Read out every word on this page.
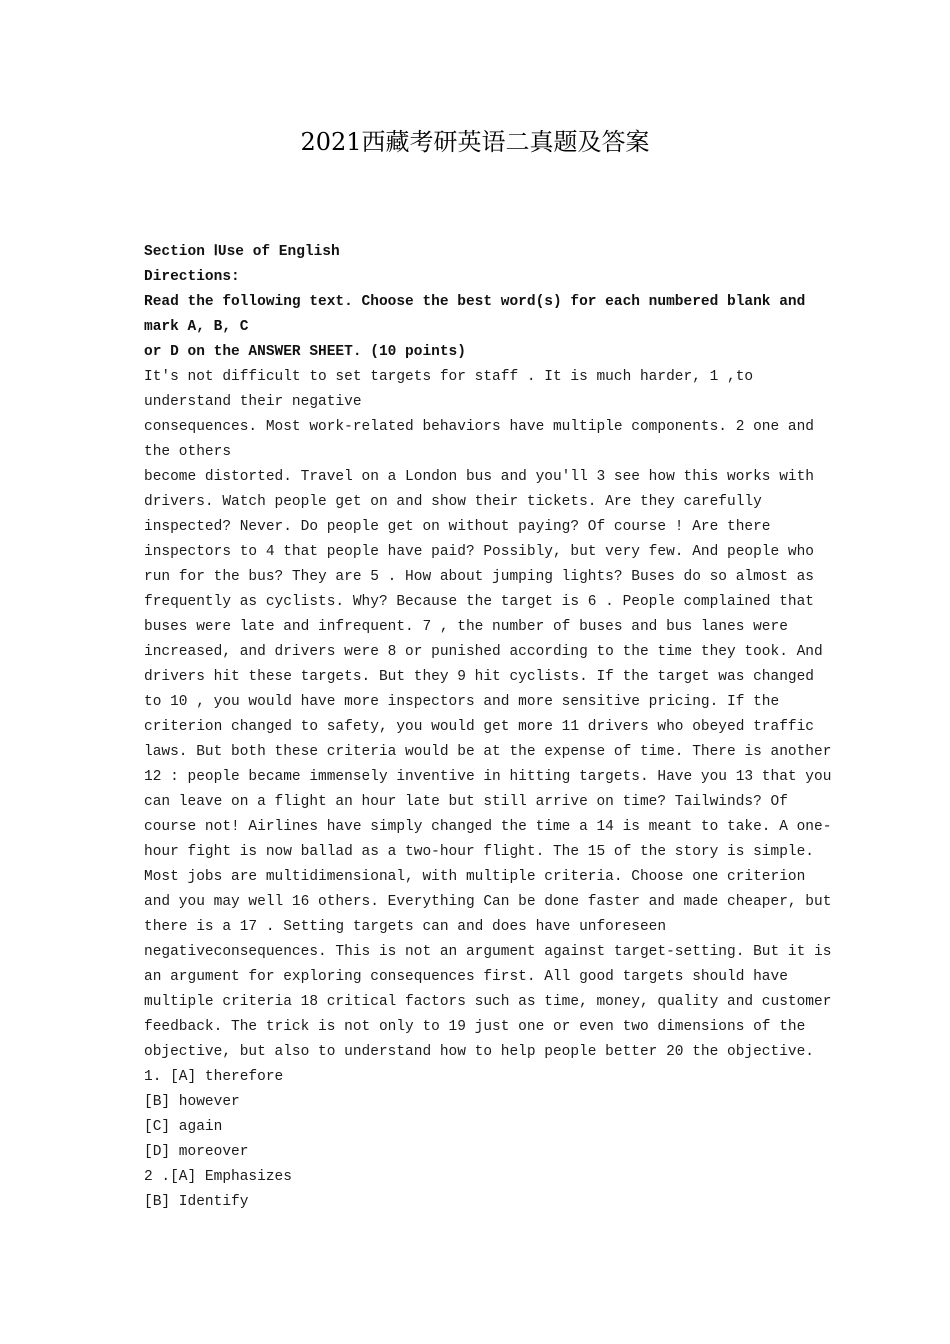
2021西藏考研英语二真题及答案
Section ⅠUse of English
Directions:
Read the following text. Choose the best word(s) for each numbered blank and
mark A, B, C
or D on the ANSWER SHEET. (10 points)
It's not difficult to set targets for staff . It is much harder, 1 ,to
understand their negative
consequences. Most work-related behaviors have multiple components. 2 one and
the others
become distorted. Travel on a London bus and you'll 3 see how this works with
drivers. Watch people get on and show their tickets. Are they carefully
inspected? Never. Do people get on without paying? Of course ! Are there
inspectors to 4 that people have paid? Possibly, but very few. And people who
run for the bus? They are 5 . How about jumping lights? Buses do so almost as
frequently as cyclists. Why? Because the target is 6 . People complained that
buses were late and infrequent. 7 , the number of buses and bus lanes were
increased, and drivers were 8 or punished according to the time they took. And
drivers hit these targets. But they 9 hit cyclists. If the target was changed
to 10 , you would have more inspectors and more sensitive pricing. If the
criterion changed to safety, you would get more 11 drivers who obeyed traffic
laws. But both these criteria would be at the expense of time. There is another
12 : people became immensely inventive in hitting targets. Have you 13 that you
can leave on a flight an hour late but still arrive on time? Tailwinds? Of
course not! Airlines have simply changed the time a 14 is meant to take. A one-
hour fight is now ballad as a two-hour flight. The 15 of the story is simple.
Most jobs are multidimensional, with multiple criteria. Choose one criterion
and you may well 16 others. Everything Can be done faster and made cheaper, but
there is a 17 . Setting targets can and does have unforeseen
negativeconsequences. This is not an argument against target-setting. But it is
an argument for exploring consequences first. All good targets should have
multiple criteria 18 critical factors such as time, money, quality and customer
feedback. The trick is not only to 19 just one or even two dimensions of the
objective, but also to understand how to help people better 20 the objective.
1. [A] therefore
[B] however
[C] again
[D] moreover
2 .[A] Emphasizes
[B] Identify
